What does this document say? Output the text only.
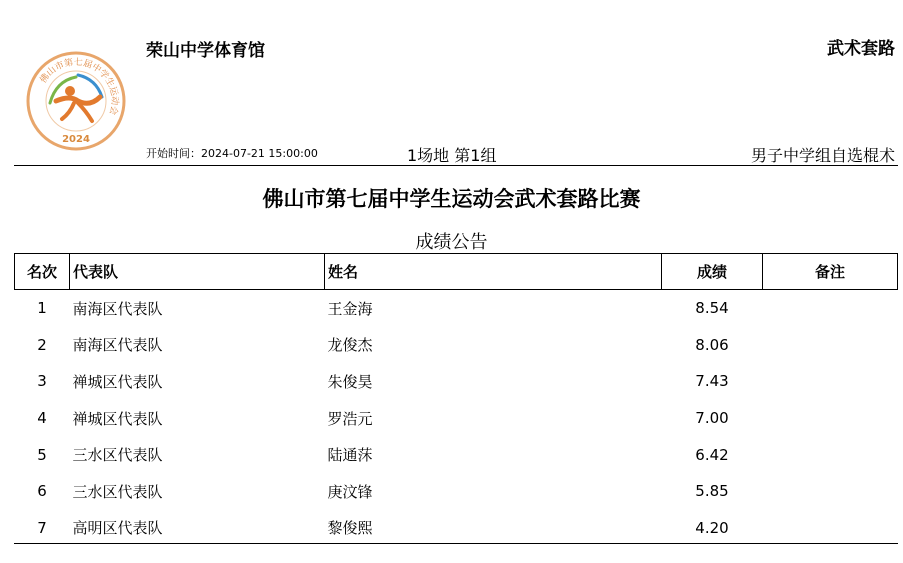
佛山市第七届中学生运动会
2024
荣山中学体育馆	武术套路
开始时间：2024-07-21 15:00:00	1场地 第1组	男子中学组自选棍术
佛山市第七届中学生运动会武术套路比赛
成绩公告
名次	代表队	姓名	成绩	备注
1	南海区代表队	王金海	8.54	
2	南海区代表队	龙俊杰	8.06	
3	禅城区代表队	朱俊昊	7.43	
4	禅城区代表队	罗浩元	7.00	
5	三水区代表队	陆通莯	6.42	
6	三水区代表队	庚汶锋	5.85	
7	高明区代表队	黎俊熙	4.20	
